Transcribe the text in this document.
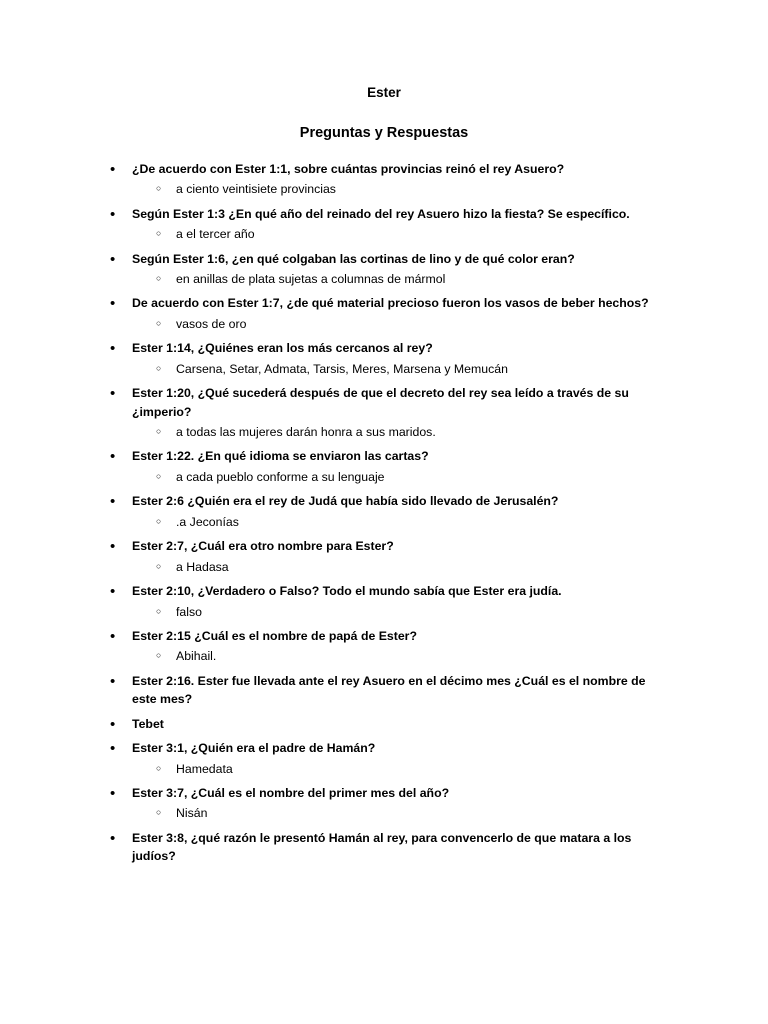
Ester
Preguntas y Respuestas

• ¿De acuerdo con Ester 1:1, sobre cuántas provincias reinó el rey Asuero?

○ a ciento veintisiete provincias

• Según Ester 1:3 ¿En qué año del reinado del rey Asuero hizo la fiesta? Se específico.

○ a el tercer año

• Según Ester 1:6, ¿en qué colgaban las cortinas de lino y de qué color eran?

○ en anillas de plata sujetas a columnas de mármol

• De acuerdo con Ester 1:7, ¿de qué material precioso fueron los vasos de beber hechos?

○ vasos de oro

• Ester 1:14, ¿Quiénes eran los más cercanos al rey?

○ Carsena, Setar, Admata, Tarsis, Meres, Marsena y Memucán

• Ester 1:20, ¿Qué sucederá después de que el decreto del rey sea leído a través de su ¿imperio?

○ a todas las mujeres darán honra a sus maridos.

• Ester 1:22. ¿En qué idioma se enviaron las cartas?

○ a cada pueblo conforme a su lenguaje

• Ester 2:6 ¿Quién era el rey de Judá que había sido llevado de Jerusalén?

○ .a Jeconías

• Ester 2:7, ¿Cuál era otro nombre para Ester?

○ a Hadasa

• Ester 2:10, ¿Verdadero o Falso? Todo el mundo sabía que Ester era judía.

○ falso

• Ester 2:15 ¿Cuál es el nombre de papá de Ester?

○ Abihail.

• Ester 2:16. Ester fue llevada ante el rey Asuero en el décimo mes ¿Cuál es el nombre de este mes?

• Tebet

• Ester 3:1, ¿Quién era el padre de Hamán?

○ Hamedata

• Ester 3:7, ¿Cuál es el nombre del primer mes del año?

○ Nisán

• Ester 3:8, ¿qué razón le presentó Hamán al rey, para convencerlo de que matara a los judíos?
